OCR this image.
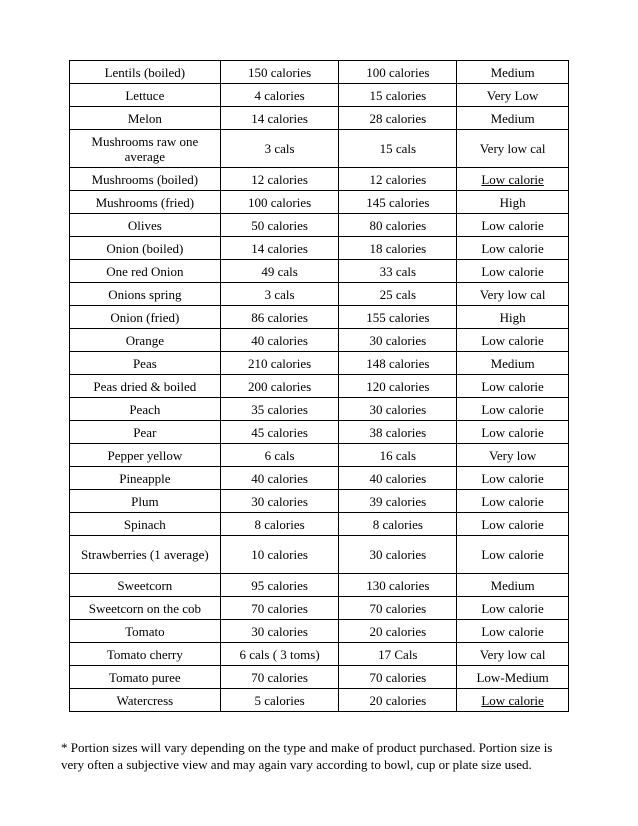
Lentils (boiled)	150 calories	100 calories	Medium
Lettuce	4 calories	15 calories	Very Low
Melon	14 calories	28 calories	Medium
Mushrooms raw one average	3 cals	15 cals	Very low cal
Mushrooms (boiled)	12 calories	12 calories	Low calorie
Mushrooms (fried)	100 calories	145 calories	High
Olives	50 calories	80 calories	Low calorie
Onion (boiled)	14 calories	18 calories	Low calorie
One red Onion	49 cals	33 cals	Low calorie
Onions spring	3 cals	25 cals	Very low cal
Onion (fried)	86 calories	155 calories	High
Orange	40 calories	30 calories	Low calorie
Peas	210 calories	148 calories	Medium
Peas dried & boiled	200 calories	120 calories	Low calorie
Peach	35 calories	30 calories	Low calorie
Pear	45 calories	38 calories	Low calorie
Pepper yellow	6 cals	16 cals	Very low
Pineapple	40 calories	40 calories	Low calorie
Plum	30 calories	39 calories	Low calorie
Spinach	8 calories	8 calories	Low calorie
Strawberries (1 average)	10 calories	30 calories	Low calorie
Sweetcorn	95 calories	130 calories	Medium
Sweetcorn on the cob	70 calories	70 calories	Low calorie
Tomato	30 calories	20 calories	Low calorie
Tomato cherry	6 cals ( 3 toms)	17 Cals	Very low cal
Tomato puree	70 calories	70 calories	Low-Medium
Watercress	5 calories	20 calories	Low calorie

* Portion sizes will vary depending on the type and make of product purchased. Portion size is very often a subjective view and may again vary according to bowl, cup or plate size used.
